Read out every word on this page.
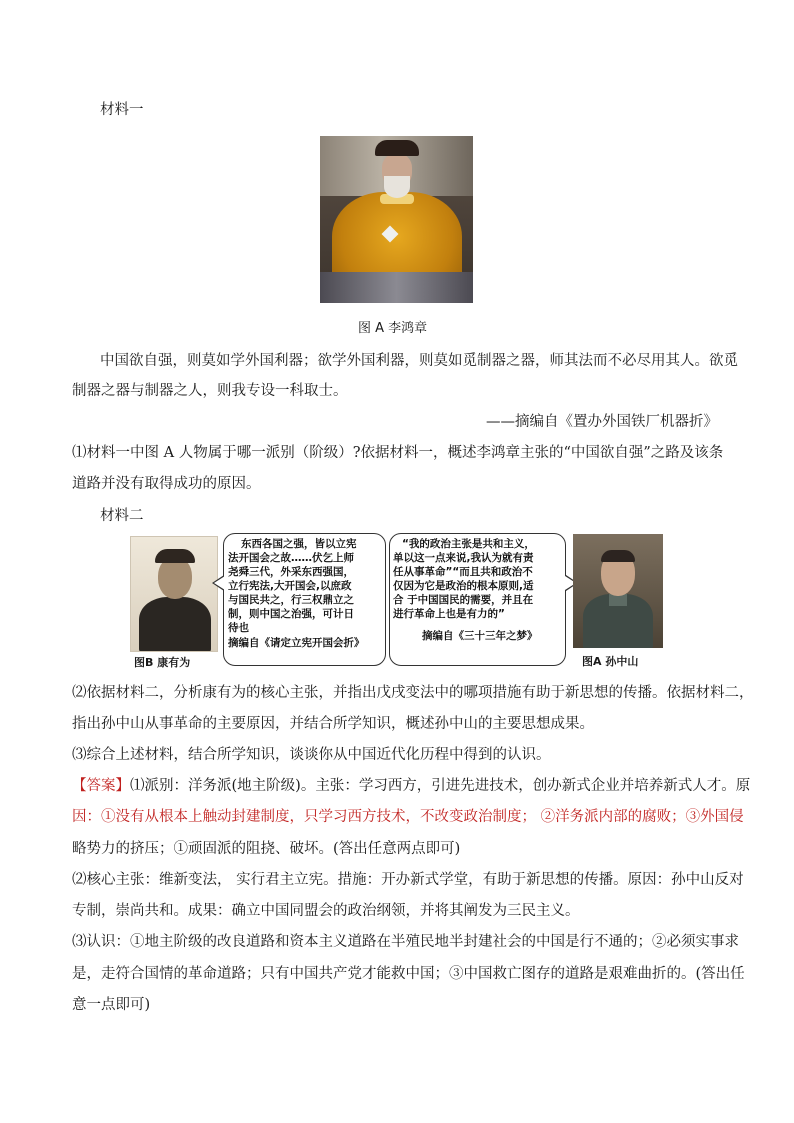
材料一
图 A 李鸿章
中国欲自强，则莫如学外国利器；欲学外国利器，则莫如觅制器之器，师其法而不必尽用其人。欲觅
制器之器与制器之人，则我专设一科取士。
——摘编自《置办外国铁厂机器折》
⑴材料一中图 A 人物属于哪一派别（阶级）?依据材料一，概述李鸿章主张的“中国欲自强”之路及该条
道路并没有取得成功的原因。
材料二
图B 康有为
东西各国之强，皆以立宪
法开国会之故……伏乞上师
尧舜三代，外采东西强国，
立行宪法,大开国会,以庶政
与国民共之，行三权鼎立之
制，则中国之治强，可计日
待也
摘编自《请定立宪开国会折》
“我的政治主张是共和主义，
单以这一点来说,我认为就有责
任从事革命”“而且共和政治不
仅因为它是政治的根本原则,适
合 于中国国民的需要，并且在
进行革命上也是有力的”
摘编自《三十三年之梦》
图A 孙中山
⑵依据材料二，分析康有为的核心主张，并指出戊戌变法中的哪项措施有助于新思想的传播。依据材料二，
指出孙中山从事革命的主要原因，并结合所学知识，概述孙中山的主要思想成果。
⑶综合上述材料，结合所学知识，谈谈你从中国近代化历程中得到的认识。
【答案】⑴派别：洋务派(地主阶级)。主张：学习西方，引进先进技术，创办新式企业并培养新式人才。原
因：①没有从根本上触动封建制度，只学习西方技术，不改变政治制度； ②洋务派内部的腐败；③外国侵
略势力的挤压；①顽固派的阻挠、破坏。(答出任意两点即可)
⑵核心主张：维新变法， 实行君主立宪。措施：开办新式学堂，有助于新思想的传播。原因：孙中山反对
专制，崇尚共和。成果：确立中国同盟会的政治纲领，并将其阐发为三民主义。
⑶认识：①地主阶级的改良道路和资本主义道路在半殖民地半封建社会的中国是行不通的；②必须实事求
是，走符合国情的革命道路；只有中国共产党才能救中国；③中国救亡图存的道路是艰难曲折的。(答出任
意一点即可)
